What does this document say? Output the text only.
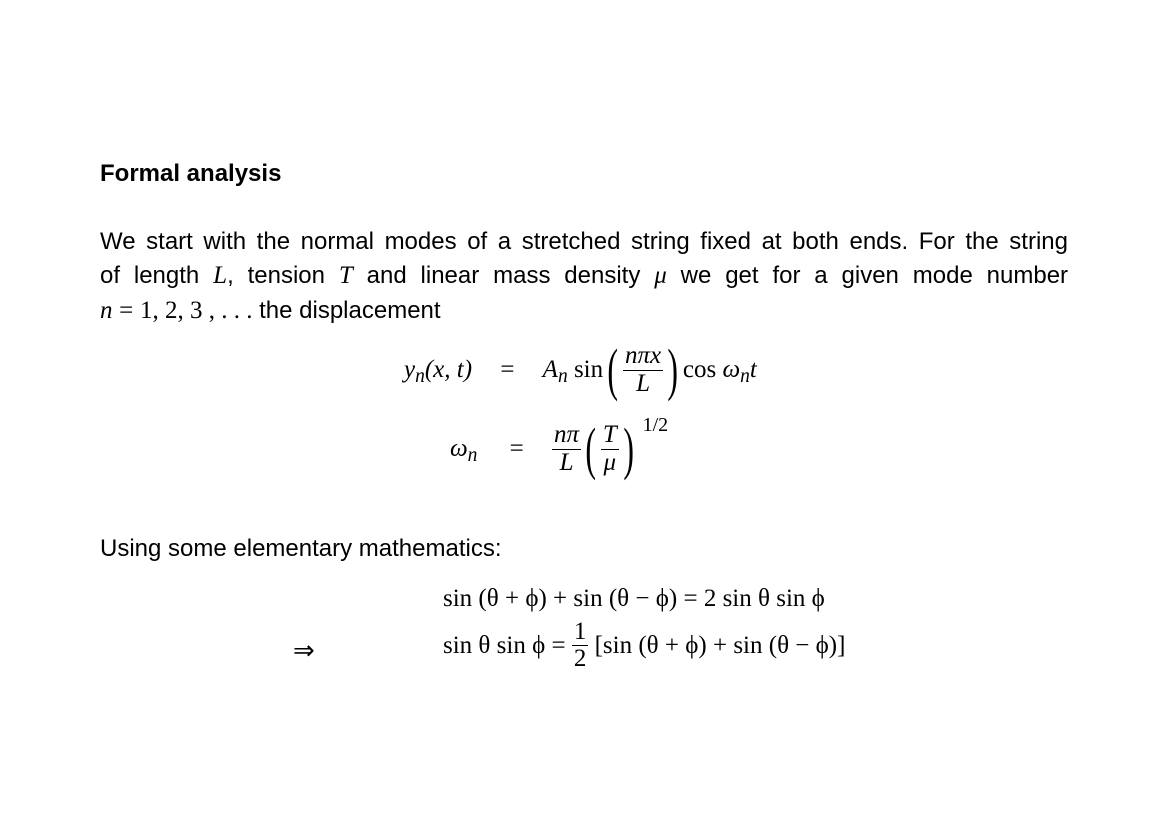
Formal analysis
We start with the normal modes of a stretched string fixed at both ends. For the string
of length L, tension T and linear mass density μ we get for a given mode number
n = 1, 2, 3 , . . . the displacement
$y_n(x$, $t) = A_n$ sin ( $\frac{\text{nπx}}{L}$ ) $\cos \omega_nt$
$\omega_n = \frac{n\pi}{L}$ ( $\frac{T}{\mu}$ ) 1/2
Using some elementary mathematics:
sin (θ + ϕ) + sin (θ − ϕ) = 2 sin θ sin ϕ
⇒	sin θ $\sin \phi = \frac{1}{2} [\sin$ (θ + ϕ) + sin (θ − ϕ)]
